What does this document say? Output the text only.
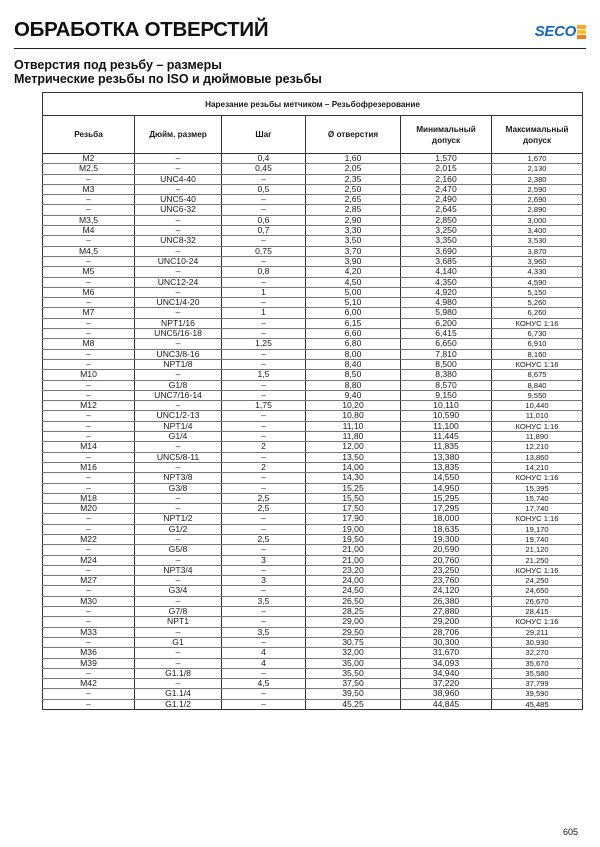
ОБРАБОТКА ОТВЕРСТИЙ	SECO
Отверстия под резьбу – размеры
Метрические резьбы по ISO и дюймовые резьбы
Нарезание резьбы метчиком – Резьбофрезерование					
Резьба	Дюйм. размер	Шаг	Ø отверстия	Минимальный допуск	Максимальный допуск
M2	–	0,4	1,60	1,570	1,670
M2,5	–	0,45	2,05	2,015	2,130
–	UNC4-40	–	2,35	2,160	2,380
M3	–	0,5	2,50	2,470	2,590
–	UNC5-40	–	2,65	2,490	2,690
–	UNC6-32	–	2,85	2,645	2,890
M3,5	–	0,6	2,90	2,850	3,000
M4	–	0,7	3,30	3,250	3,400
–	UNC8-32	–	3,50	3,350	3,530
M4,5	–	0,75	3,70	3,690	3,870
–	UNC10-24	–	3,90	3,685	3,960
M5	–	0,8	4,20	4,140	4,330
–	UNC12-24	–	4,50	4,350	4,590
M6	–	1	5,00	4,920	5,150
–	UNC1/4-20	–	5,10	4,980	5,260
M7	–	1	6,00	5,980	6,260
–	NPT1/16	–	6,15	6,200	КОНУС 1:16
–	UNC5/16-18	–	6,60	6,415	6,730
M8	–	1,25	6,80	6,650	6,910
–	UNC3/8-16	–	8,00	7,810	8,160
–	NPT1/8	–	8,40	8,500	КОНУС 1:16
M10	–	1,5	8,50	8,380	8,675
–	G1/8	–	8,80	8,570	8,840
–	UNC7/16-14	–	9,40	9,150	9,550
M12	–	1,75	10,20	10,110	10,440
–	UNC1/2-13	–	10,80	10,590	11,010
–	NPT1/4	–	11,10	11,100	КОНУС 1:16
–	G1/4	–	11,80	11,445	11,890
M14	–	2	12,00	11,835	12,210
–	UNC5/8-11	–	13,50	13,380	13,860
M16	–	2	14,00	13,835	14,210
–	NPT3/8	–	14,30	14,550	КОНУС 1:16
–	G3/8	–	15,25	14,950	15,395
M18	–	2,5	15,50	15,295	15,740
M20	–	2,5	17,50	17,295	17,740
–	NPT1/2	–	17,90	18,000	КОНУС 1:16
–	G1/2	–	19,00	18,635	19,170
M22	–	2,5	19,50	19,300	19,740
–	G5/8	–	21,00	20,590	21,120
M24	–	3	21,00	20,760	21,250
–	NPT3/4	–	23,20	23,250	КОНУС 1:16
M27	–	3	24,00	23,760	24,250
–	G3/4	–	24,50	24,120	24,650
M30	–	3,5	26,50	26,380	26,670
–	G7/8	–	28,25	27,880	28,415
–	NPT1	–	29,00	29,200	КОНУС 1:16
M33	–	3,5	29,50	28,706	29,211
–	G1	–	30,75	30,300	30,930
M36	–	4	32,00	31,670	32,270
M39	–	4	35,00	34,093	35,670
–	G1.1/8	–	35,50	34,940	35,580
M42	–	4,5	37,50	37,220	37,799
–	G1.1/4	–	39,50	38,960	39,590
–	G1.1/2	–	45,25	44,845	45,485
605
